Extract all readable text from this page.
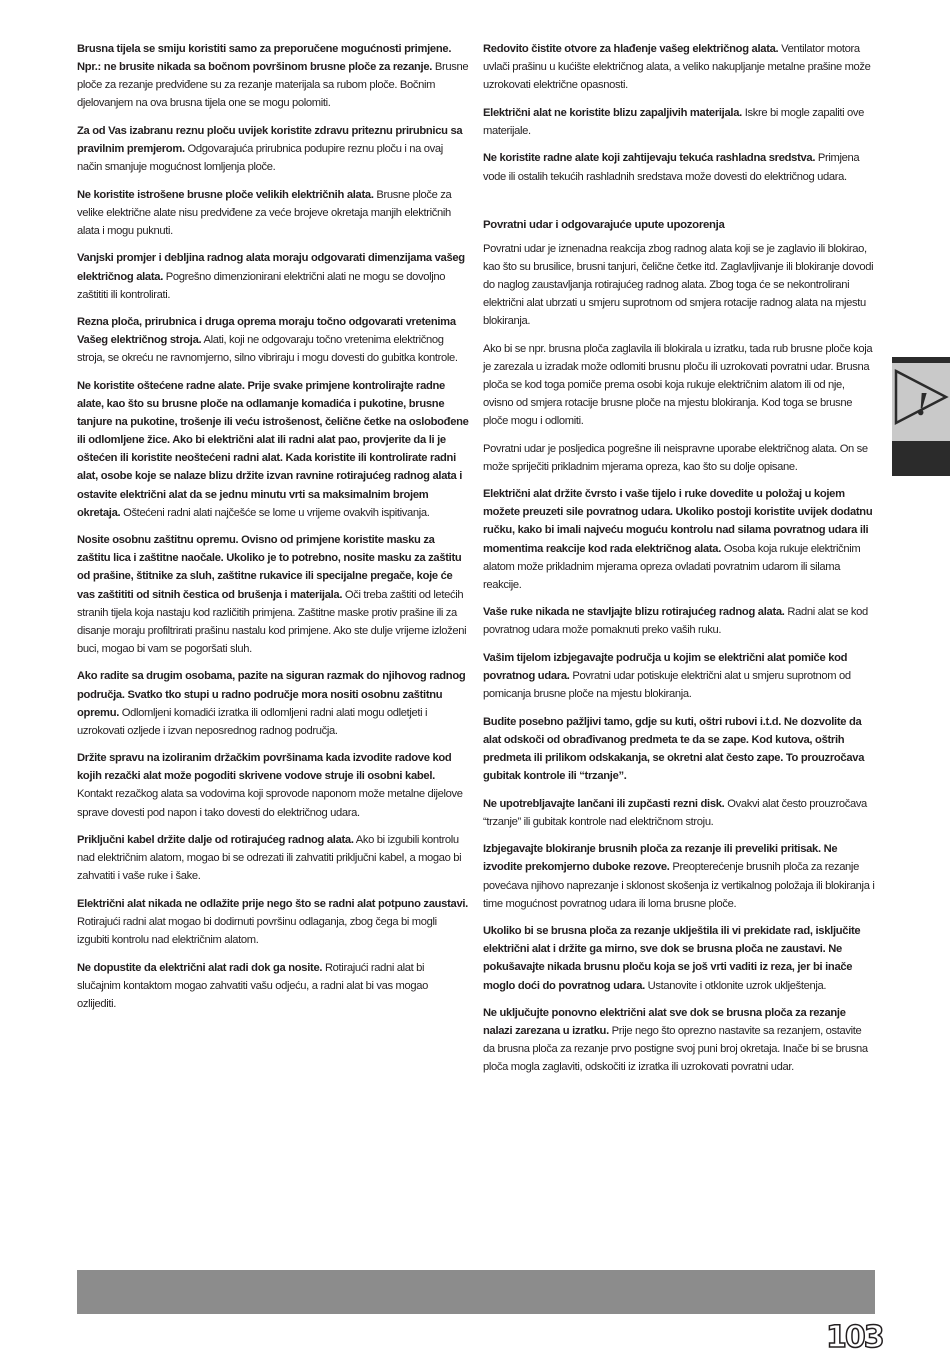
Brusna tijela se smiju koristiti samo za preporučene mogućnosti primjene. Npr.: ne brusite nikada sa bočnom površinom brusne ploče za rezanje. Brusne ploče za rezanje predviđene su za rezanje materijala sa rubom ploče. Bočnim djelovanjem na ova brusna tijela one se mogu polomiti.

Za od Vas izabranu reznu ploču uvijek koristite zdravu priteznu prirubnicu sa pravilnim premjerom. Odgovarajuća prirubnica podupire reznu ploču i na ovaj način smanjuje mogućnost lomljenja ploče.

Ne koristite istrošene brusne ploče velikih električnih alata. Brusne ploče za velike električne alate nisu predviđene za veće brojeve okretaja manjih električnih alata i mogu puknuti.

Vanjski promjer i debljina radnog alata moraju odgovarati dimenzijama vašeg električnog alata. Pogrešno dimenzionirani električni alati ne mogu se dovoljno zaštititi ili kontrolirati.

Rezna ploča, prirubnica i druga oprema moraju točno odgovarati vretenima Vašeg električnog stroja. Alati, koji ne odgovaraju točno vretenima električnog stroja, se okreću ne ravnomjerno, silno vibriraju i mogu dovesti do gubitka kontrole.

Ne koristite oštećene radne alate. Prije svake primjene kontrolirajte radne alate, kao što su brusne ploče na odlamanje komadića i pukotine, brusne tanjure na pukotine, trošenje ili veću istrošenost, čelične četke na oslobođene ili odlomljene žice. Ako bi električni alat ili radni alat pao, provjerite da li je oštećen ili koristite neoštećeni radni alat. Kada koristite ili kontrolirate radni alat, osobe koje se nalaze blizu držite izvan ravnine rotirajućeg radnog alata i ostavite električni alat da se jednu minutu vrti sa maksimalnim brojem okretaja. Oštećeni radni alati najčešće se lome u vrijeme ovakvih ispitivanja.

Nosite osobnu zaštitnu opremu. Ovisno od primjene koristite masku za zaštitu lica i zaštitne naočale. Ukoliko je to potrebno, nosite masku za zaštitu od prašine, štitnike za sluh, zaštitne rukavice ili specijalne pregače, koje će vas zaštititi od sitnih čestica od brušenja i materijala. Oči treba zaštiti od letećih stranih tijela koja nastaju kod različitih primjena. Zaštitne maske protiv prašine ili za disanje moraju profiltrirati prašinu nastalu kod primjene. Ako ste dulje vrijeme izloženi buci, mogao bi vam se pogoršati sluh.

Ako radite sa drugim osobama, pazite na siguran razmak do njihovog radnog područja. Svatko tko stupi u radno područje mora nositi osobnu zaštitnu opremu. Odlomljeni komadići izratka ili odlomljeni radni alati mogu odletjeti i uzrokovati ozljede i izvan neposrednog radnog područja.

Držite spravu na izoliranim držačkim površinama kada izvodite radove kod kojih rezački alat može pogoditi skrivene vodove struje ili osobni kabel. Kontakt rezačkog alata sa vodovima koji sprovode naponom može metalne dijelove sprave dovesti pod napon i tako dovesti do električnog udara.

Priključni kabel držite dalje od rotirajućeg radnog alata. Ako bi izgubili kontrolu nad električnim alatom, mogao bi se odrezati ili zahvatiti priključni kabel, a mogao bi zahvatiti i vaše ruke i šake.

Električni alat nikada ne odlažite prije nego što se radni alat potpuno zaustavi. Rotirajući radni alat mogao bi dodirnuti površinu odlaganja, zbog čega bi mogli izgubiti kontrolu nad električnim alatom.

Ne dopustite da električni alat radi dok ga nosite. Rotirajući radni alat bi slučajnim kontaktom mogao zahvatiti vašu odjeću, a radni alat bi vas mogao ozlijediti.

Redovito čistite otvore za hlađenje vašeg električnog alata. Ventilator motora uvlači prašinu u kućište električnog alata, a veliko nakupljanje metalne prašine može uzrokovati električne opasnosti.

Električni alat ne koristite blizu zapaljivih materijala. Iskre bi mogle zapaliti ove materijale.

Ne koristite radne alate koji zahtijevaju tekuća rashladna sredstva. Primjena vode ili ostalih tekućih rashladnih sredstava može dovesti do električnog udara.

Povratni udar i odgovarajuće upute upozorenja

Povratni udar je iznenadna reakcija zbog radnog alata koji se je zaglavio ili blokirao, kao što su brusilice, brusni tanjuri, čelične četke itd. Zaglavljivanje ili blokiranje dovodi do naglog zaustavljanja rotirajućeg radnog alata. Zbog toga će se nekontrolirani električni alat ubrzati u smjeru suprotnom od smjera rotacije radnog alata na mjestu blokiranja.

Ako bi se npr. brusna ploča zaglavila ili blokirala u izratku, tada rub brusne ploče koja je zarezala u izradak može odlomiti brusnu ploču ili uzrokovati povratni udar. Brusna ploča se kod toga pomiče prema osobi koja rukuje električnim alatom ili od nje, ovisno od smjera rotacije brusne ploče na mjestu blokiranja. Kod toga se brusne ploče mogu i odlomiti.

Povratni udar je posljedica pogrešne ili neispravne uporabe električnog alata. On se može spriječiti prikladnim mjerama opreza, kao što su dolje opisane.

Električni alat držite čvrsto i vaše tijelo i ruke dovedite u položaj u kojem možete preuzeti sile povratnog udara. Ukoliko postoji koristite uvijek dodatnu ručku, kako bi imali najveću moguću kontrolu nad silama povratnog udara ili momentima reakcije kod rada električnog alata. Osoba koja rukuje električnim alatom može prikladnim mjerama opreza ovladati povratnim udarom ili silama reakcije.

Vaše ruke nikada ne stavljajte blizu rotirajućeg radnog alata. Radni alat se kod povratnog udara može pomaknuti preko vaših ruku.

Vašim tijelom izbjegavajte područja u kojim se električni alat pomiče kod povratnog udara. Povratni udar potiskuje električni alat u smjeru suprotnom od pomicanja brusne ploče na mjestu blokiranja.

Budite posebno pažljivi tamo, gdje su kuti, oštri rubovi i.t.d. Ne dozvolite da alat odskoči od obrađivanog predmeta te da se zape. Kod kutova, oštrih predmeta ili prilikom odskakanja, se okretni alat često zape. To prouzročava gubitak kontrole ili “trzanje”.

Ne upotrebljavajte lančani ili zupčasti rezni disk. Ovakvi alat često prouzročava “trzanje” ili gubitak kontrole nad električnom stroju.

Izbjegavajte blokiranje brusnih ploča za rezanje ili preveliki pritisak. Ne izvodite prekomjerno duboke rezove. Preopterećenje brusnih ploča za rezanje povećava njihovo naprezanje i sklonost skošenja iz vertikalnog položaja ili blokiranja i time mogućnost povratnog udara ili loma brusne ploče.

Ukoliko bi se brusna ploča za rezanje uklještila ili vi prekidate rad, isključite električni alat i držite ga mirno, sve dok se brusna ploča ne zaustavi. Ne pokušavajte nikada brusnu ploču koja se još vrti vaditi iz reza, jer bi inače moglo doći do povratnog udara. Ustanovite i otklonite uzrok uklještenja.

Ne uključujte ponovno električni alat sve dok se brusna ploča za rezanje nalazi zarezana u izratku. Prije nego što oprezno nastavite sa rezanjem, ostavite da brusna ploča za rezanje prvo postigne svoj puni broj okretaja. Inače bi se brusna ploča mogla zaglaviti, odskočiti iz izratka ili uzrokovati povratni udar.

!
103
